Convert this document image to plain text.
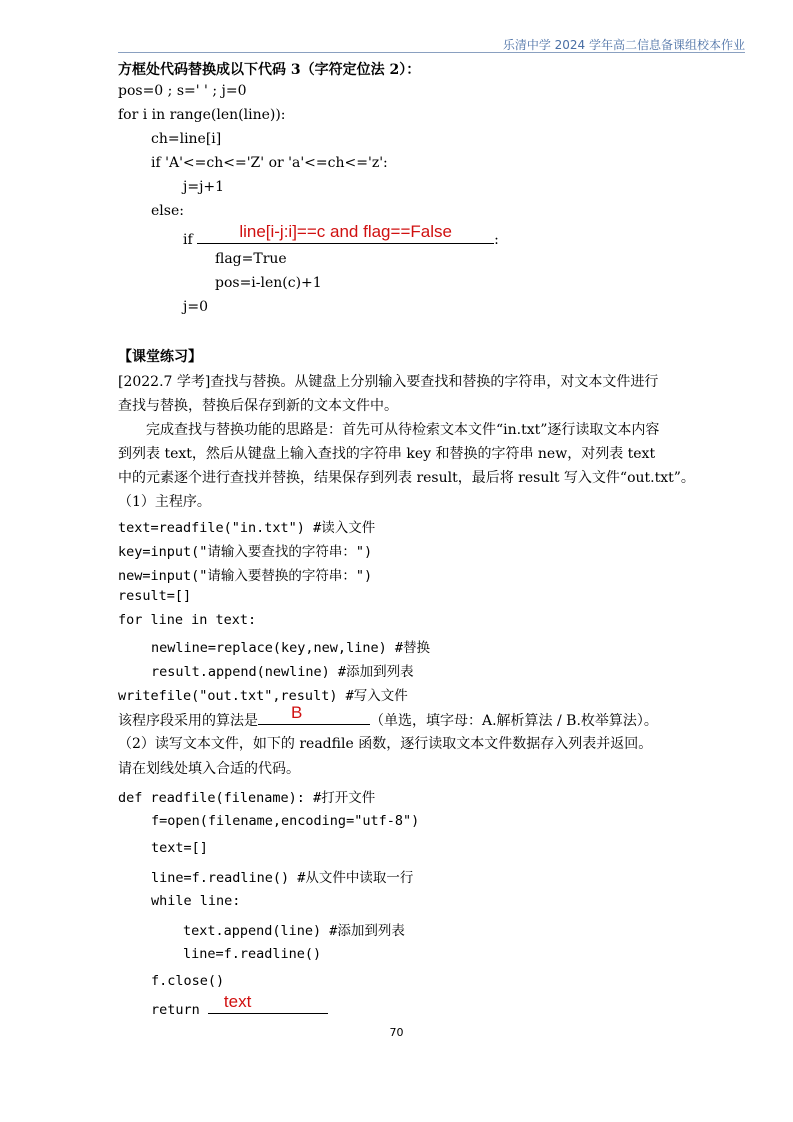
乐清中学 2024 学年高二信息备课组校本作业
方框处代码替换成以下代码 3（字符定位法 2）：
pos=0 ; s=' ' ; j=0
for i in range(len(line)):
ch=line[i]
if 'A'<=ch<='Z' or 'a'<=ch<='z':
j=j+1
else:
if	line[i-j:i]==c and flag==False	:
flag=True
pos=i-len(c)+1
j=0
【课堂练习】
[2022.7 学考]查找与替换。从键盘上分别输入要查找和替换的字符串，对文本文件进行
查找与替换，替换后保存到新的文本文件中。
完成查找与替换功能的思路是：首先可从待检索文本文件“in.txt”逐行读取文本内容
到列表 text，然后从键盘上输入查找的字符串 key 和替换的字符串 new，对列表 text
中的元素逐个进行查找并替换，结果保存到列表 result，最后将 result 写入文件“out.txt”。
（1）主程序。
text=readfile("in.txt") #读入文件
key=input("请输入要查找的字符串：")
new=input("请输入要替换的字符串：")
result=[]
for line in text:
newline=replace(key,new,line) #替换
result.append(newline) #添加到列表
writefile("out.txt",result) #写入文件
该程序段采用的算法是 B	（单选，填字母：A.解析算法 / B.枚举算法）。
（2）读写文本文件，如下的 readfile 函数，逐行读取文本文件数据存入列表并返回。
请在划线处填入合适的代码。
def readfile(filename): #打开文件
f=open(filename,encoding="utf-8")
text=[]
line=f.readline() #从文件中读取一行
while line:
text.append(line) #添加到列表
line=f.readline()
f.close()
return text
70
